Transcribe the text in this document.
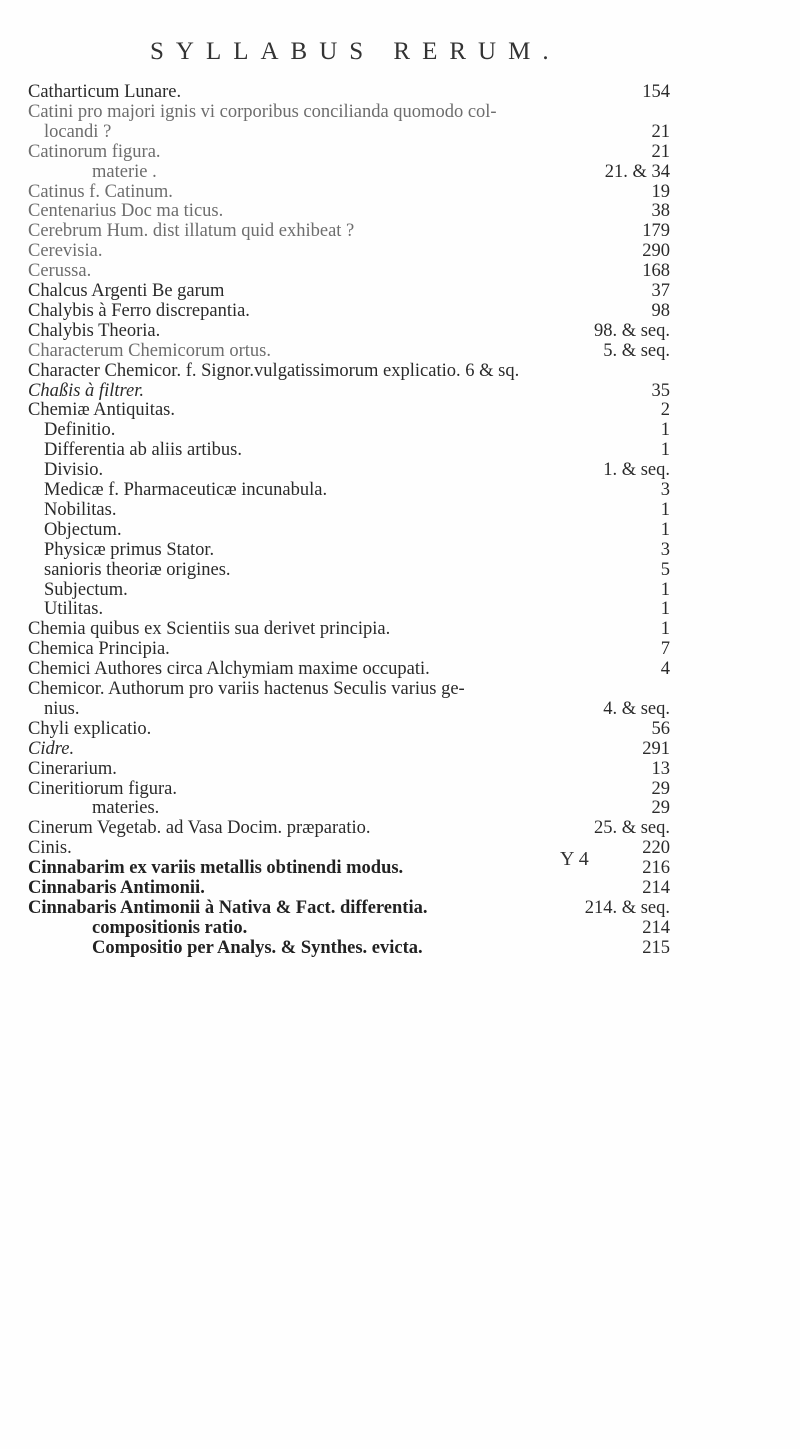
SYLLABUS RERUM.
Catharticum Lunare.	154
Catini pro majori ignis vi corporibus concilianda quomodo col-
locandi ?	21
Catinorum figura.	21
materie .	21. & 34
Catinus f. Catinum.	19
Centenarius Doc ma ticus.	38
Cerebrum Hum. dist illatum quid exhibeat ?	179
Cerevisia.	290
Cerussa.	168
Chalcus Argenti Be garum	37
Chalybis à Ferro discrepantia.	98
Chalybis Theoria.	98. & seq.
Characterum Chemicorum ortus.	5. & seq.
Character Chemicor. f. Signor.vulgatissimorum explicatio. 6 & sq.
Chaßis à filtrer.	35
Chemiæ Antiquitas.	2
Definitio.	1
Differentia ab aliis artibus.	1
Divisio.	1. & seq.
Medicæ f. Pharmaceuticæ incunabula.	3
Nobilitas.	1
Objectum.	1
Physicæ primus Stator.	3
sanioris theoriæ origines.	5
Subjectum.	1
Utilitas.	1
Chemia quibus ex Scientiis sua derivet principia.	1
Chemica Principia.	7
Chemici Authores circa Alchymiam maxime occupati.	4
Chemicor. Authorum pro variis hactenus Seculis varius ge-
nius.	4. & seq.
Chyli explicatio.	56
Cidre.	291
Cinerarium.	13
Cineritiorum figura.	29
materies.	29
Cinerum Vegetab. ad Vasa Docim. præparatio.	25. & seq.
Cinis.	220
Cinnabarim ex variis metallis obtinendi modus.	216
Cinnabaris Antimonii.	214
Cinnabaris Antimonii à Nativa & Fact. differentia.	214. & seq.
compositionis ratio.	214
Compositio per Analys. & Synthes. evicta.	215
Y 4
